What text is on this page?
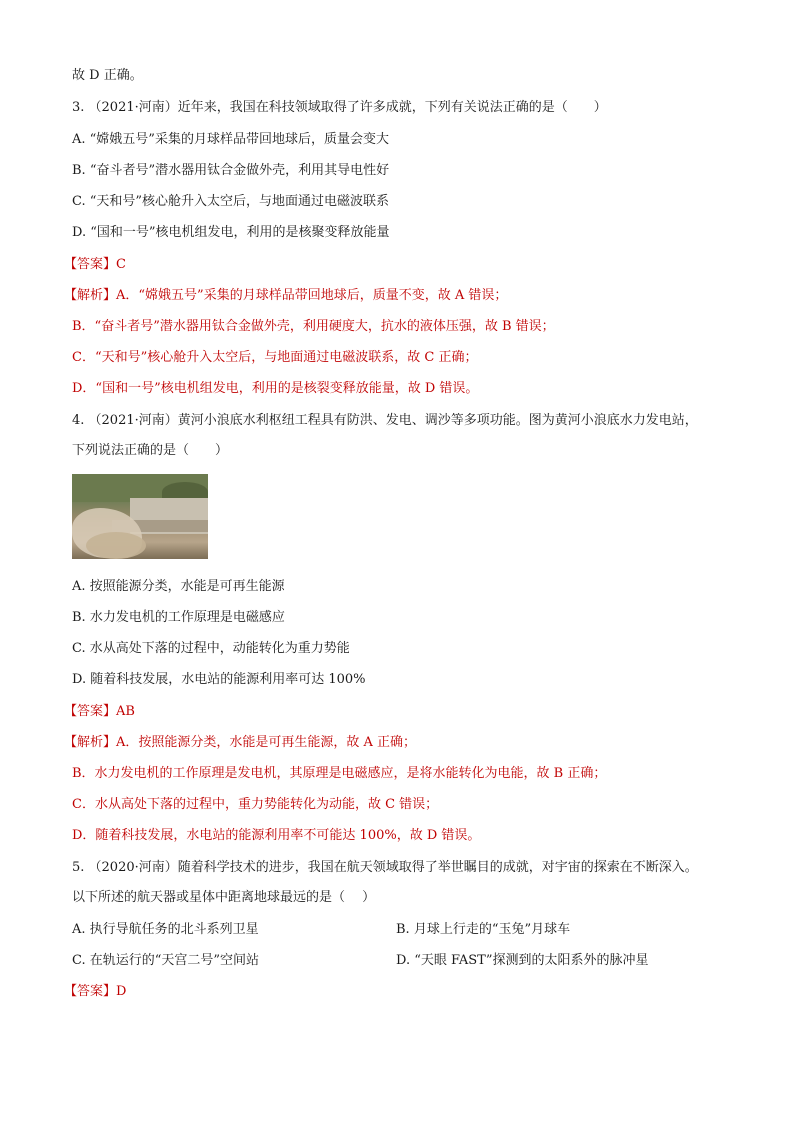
故 D 正确。
3. （2021·河南）近年来，我国在科技领域取得了许多成就，下列有关说法正确的是（　　）
A. “嫦娥五号”采集的月球样品带回地球后，质量会变大
B. “奋斗者号”潜水器用钛合金做外壳，利用其导电性好
C. “天和号”核心舱升入太空后，与地面通过电磁波联系
D. “国和一号”核电机组发电，利用的是核聚变释放能量
【答案】C
【解析】A．“嫦娥五号”采集的月球样品带回地球后，质量不变，故 A 错误；
B．“奋斗者号”潜水器用钛合金做外壳，利用硬度大，抗水的液体压强，故 B 错误；
C．“天和号”核心舱升入太空后，与地面通过电磁波联系，故 C 正确；
D．“国和一号”核电机组发电，利用的是核裂变释放能量，故 D 错误。
4. （2021·河南）黄河小浪底水利枢纽工程具有防洪、发电、调沙等多项功能。图为黄河小浪底水力发电站，
下列说法正确的是（　　）
A. 按照能源分类，水能是可再生能源
B. 水力发电机的工作原理是电磁感应
C. 水从高处下落的过程中，动能转化为重力势能
D. 随着科技发展，水电站的能源利用率可达 100%
【答案】AB
【解析】A．按照能源分类，水能是可再生能源，故 A 正确；
B．水力发电机的工作原理是发电机，其原理是电磁感应，是将水能转化为电能，故 B 正确；
C．水从高处下落的过程中，重力势能转化为动能，故 C 错误；
D．随着科技发展，水电站的能源利用率不可能达 100%，故 D 错误。
5. （2020·河南）随着科学技术的进步，我国在航天领域取得了举世瞩目的成就，对宇宙的探索在不断深入。
以下所述的航天器或星体中距离地球最远的是（　 ）
A. 执行导航任务的北斗系列卫星	B. 月球上行走的“玉兔”月球车
C. 在轨运行的“天宫二号”空间站	D. “天眼 FAST”探测到的太阳系外的脉冲星
【答案】D
